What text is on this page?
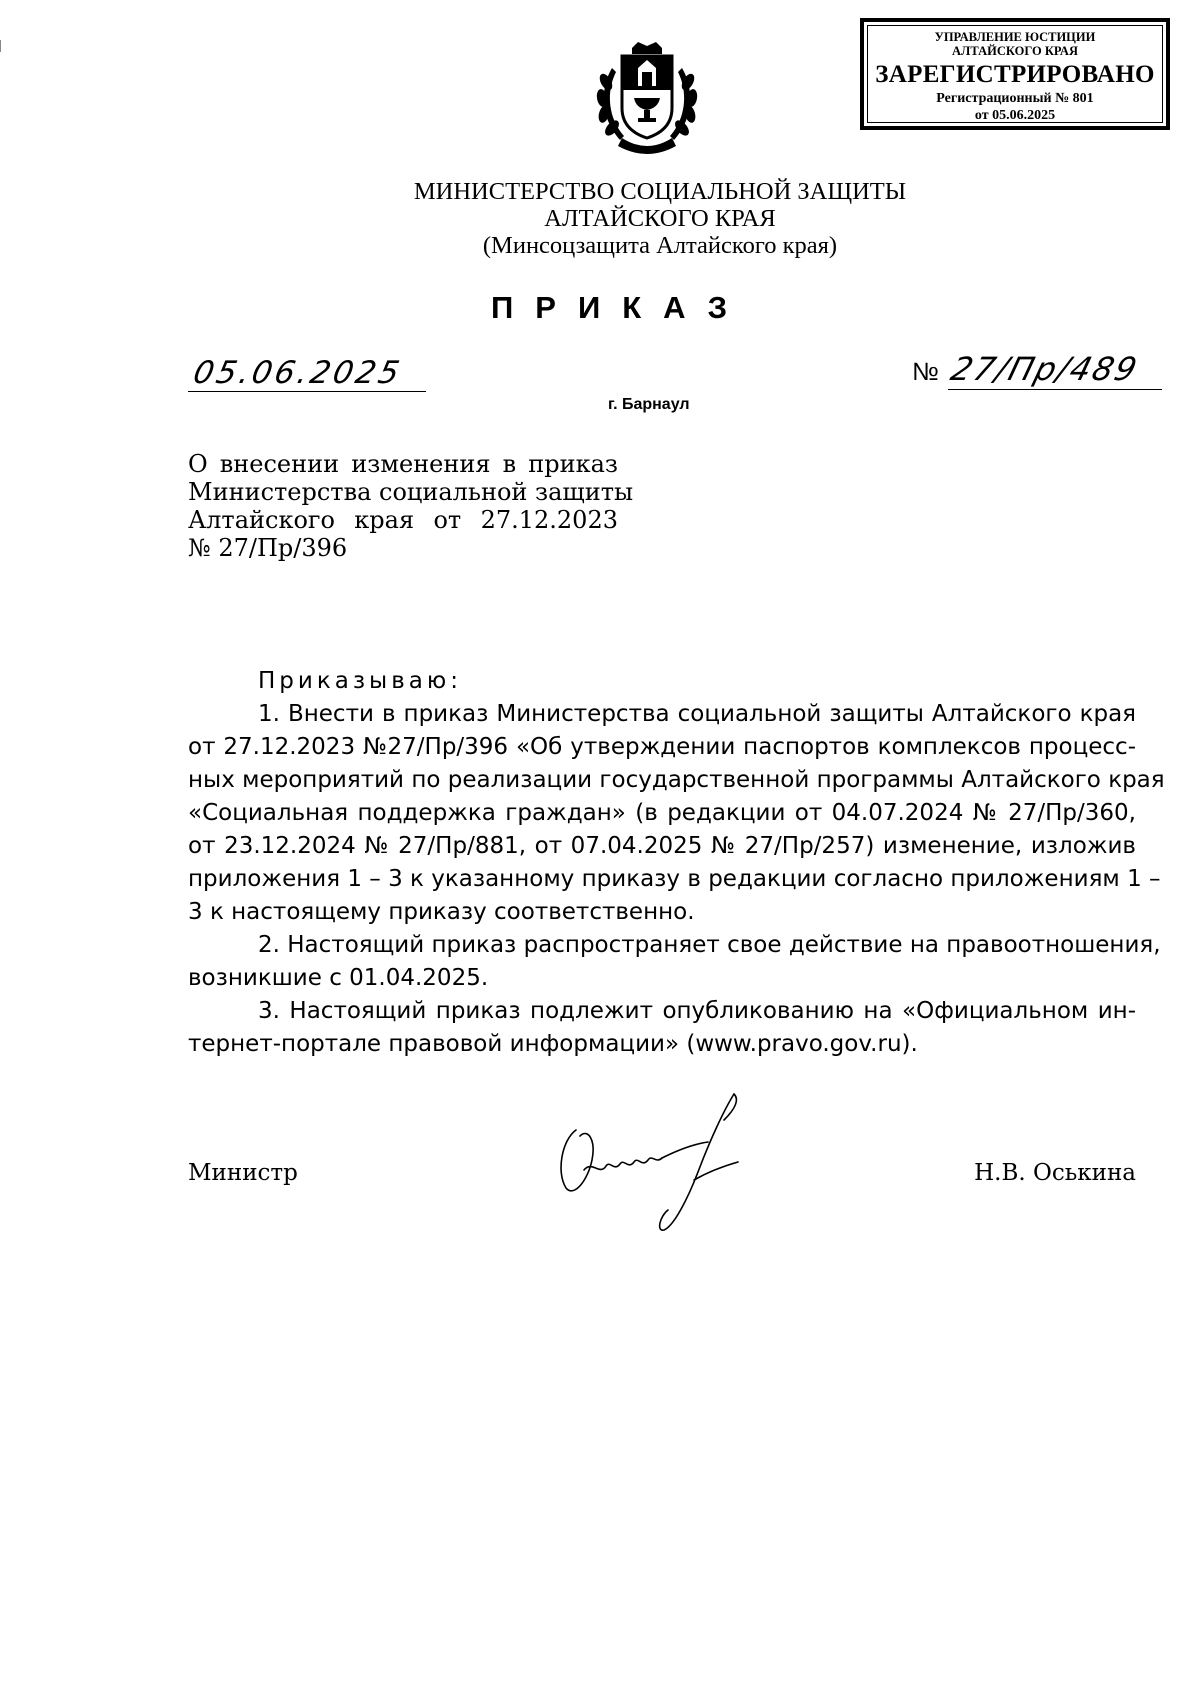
УПРАВЛЕНИЕ ЮСТИЦИИ
АЛТАЙСКОГО КРАЯ
ЗАРЕГИСТРИРОВАНО
Регистрационный № 801
от 05.06.2025
МИНИСТЕРСТВО СОЦИАЛЬНОЙ ЗАЩИТЫ
АЛТАЙСКОГО КРАЯ
(Минсоцзащита Алтайского края)
ПРИКАЗ
05.06.2025
г. Барнаул
№ 27/Пр/489
О внесении изменения в приказ
Министерства социальной защиты
Алтайского края от 27.12.2023
№ 27/Пр/396
Приказываю:
1. Внести в приказ Министерства социальной защиты Алтайского края
от 27.12.2023 №27/Пр/396 «Об утверждении паспортов комплексов процесс-
ных мероприятий по реализации государственной программы Алтайского края
«Социальная поддержка граждан» (в редакции от 04.07.2024 № 27/Пр/360,
от 23.12.2024 № 27/Пр/881, от 07.04.2025 № 27/Пр/257) изменение, изложив
приложения 1 – 3 к указанному приказу в редакции согласно приложениям 1 –
3 к настоящему приказу соответственно.
2. Настоящий приказ распространяет свое действие на правоотношения,
возникшие с 01.04.2025.
3. Настоящий приказ подлежит опубликованию на «Официальном ин-
тернет-портале правовой информации» (www.pravo.gov.ru).
Министр	Н.В. Оськина
